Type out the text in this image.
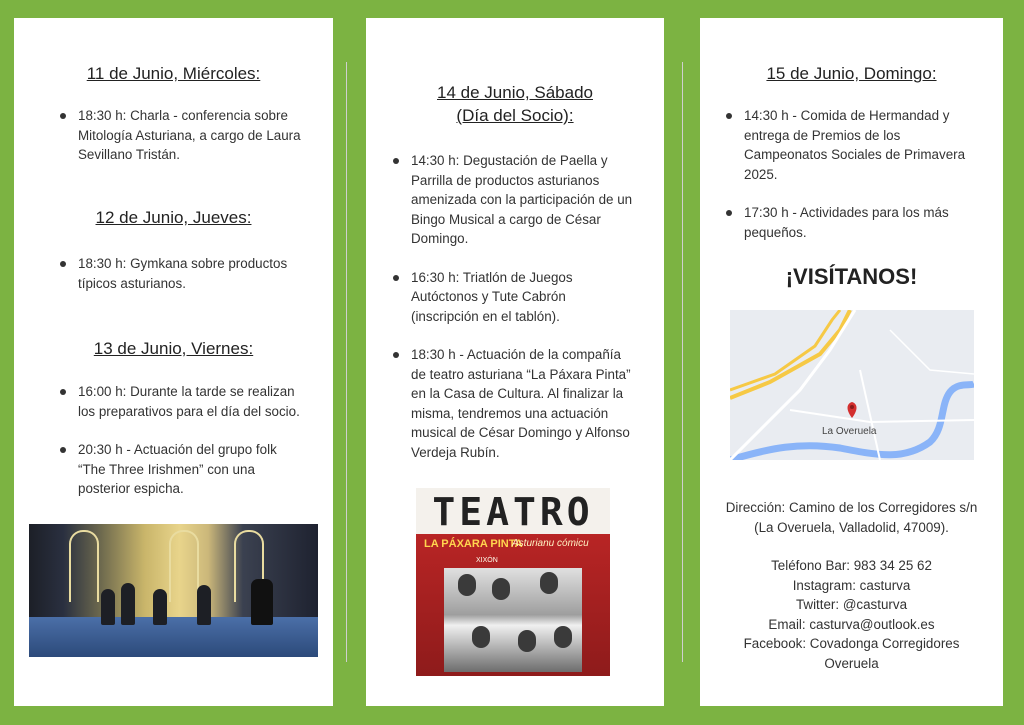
11 de Junio, Miércoles:

18:30 h: Charla - conferencia sobre
Mitología Asturiana, a cargo de Laura
Sevillano Tristán.

12 de Junio, Jueves:

18:30 h: Gymkana sobre productos
típicos asturianos.

13 de Junio, Viernes:

16:00 h: Durante la tarde se realizan
los preparativos para el día del socio.
20:30 h - Actuación del grupo folk
“The Three Irishmen” con una
posterior espicha.

14 de Junio, Sábado

(Día del Socio):

14:30 h: Degustación de Paella y
Parrilla de productos asturianos
amenizada con la participación de un
Bingo Musical a cargo de César
Domingo.
16:30 h: Triatlón de Juegos
Autóctonos y Tute Cabrón
(inscripción en el tablón).
18:30 h - Actuación de la compañía
de teatro asturiana “La Páxara Pinta”
en la Casa de Cultura. Al finalizar la
misma, tendremos una actuación
musical de César Domingo y Alfonso
Verdeja Rubín.
TEATRO
LA PÁXARA PINTA
Asturianu cómicu
XIXÓN

15 de Junio, Domingo:

14:30 h - Comida de Hermandad y
entrega de Premios de los
Campeonatos Sociales de Primavera
2025.
17:30 h - Actividades para los más
pequeños.
¡VISÍTANOS!
La Overuela
Dirección: Camino de los Corregidores s/n
(La Overuela, Valladolid, 47009).
Teléfono Bar: 983 34 25 62
Instagram: casturva
Twitter: @casturva
Email: casturva@outlook.es
Facebook: Covadonga Corregidores
Overuela
